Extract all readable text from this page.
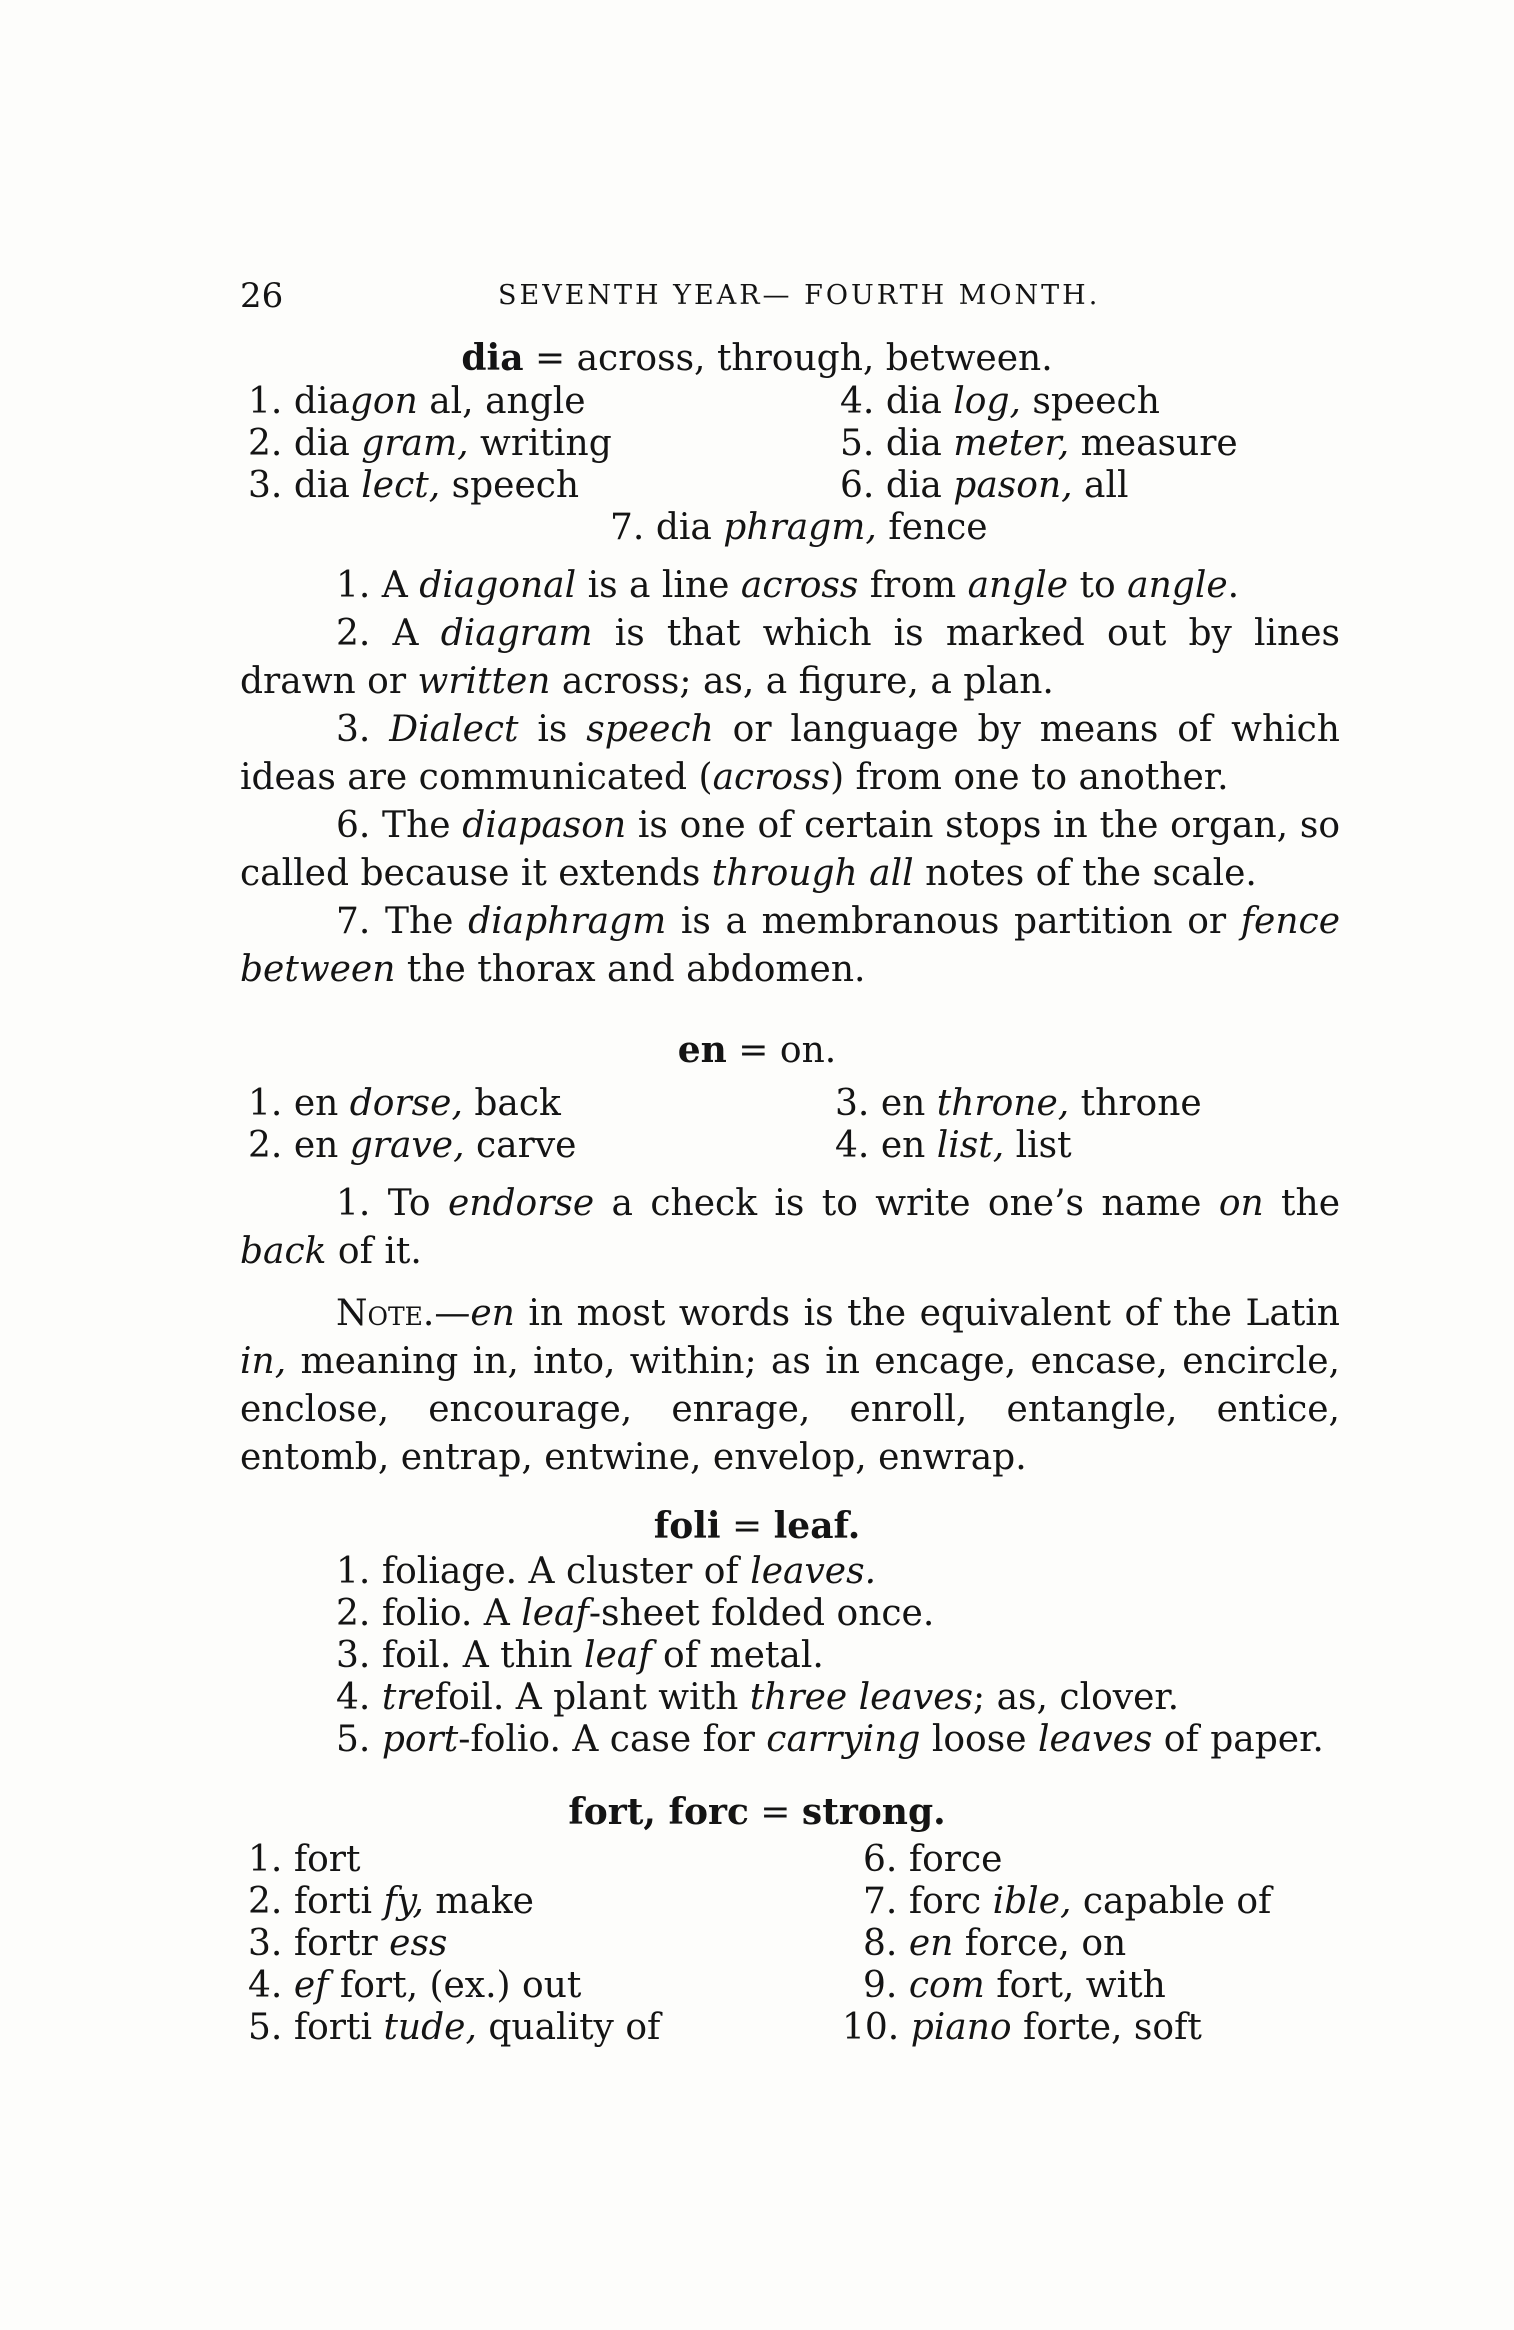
26	SEVENTH YEAR— FOURTH MONTH.
dia = across, through, between.
1. diagon al, angle
2. dia gram, writing
3. dia lect, speech
4. dia log, speech
5. dia meter, measure
6. dia pason, all
7. dia phragm, fence

1. A diagonal is a line across from angle to angle.

2. A diagram is that which is marked out by lines drawn or written across; as, a figure, a plan.

3. Dialect is speech or language by means of which ideas are communicated (across) from one to another.

6. The diapason is one of certain stops in the organ, so called because it extends through all notes of the scale.

7. The diaphragm is a membranous partition or fence between the thorax and abdomen.

en = on.
1. en dorse, back
2. en grave, carve
3. en throne, throne
4. en list, list

1. To endorse a check is to write one’s name on the back of it.

Note.—en in most words is the equivalent of the Latin in, meaning in, into, within; as in encage, encase, encircle, enclose, encourage, enrage, enroll, entangle, entice, entomb, entrap, entwine, envelop, enwrap.

foli = leaf.
1. foliage. A cluster of leaves.
2. folio. A leaf-sheet folded once.
3. foil. A thin leaf of metal.
4. trefoil. A plant with three leaves; as, clover.
5. port-folio. A case for carrying loose leaves of paper.
fort, forc = strong.
1. fort
2. forti fy, make
3. fortr ess
4. ef fort, (ex.) out
5. forti tude, quality of
6. force
7. forc ible, capable of
8. en force, on
9. com fort, with
10. piano forte, soft
